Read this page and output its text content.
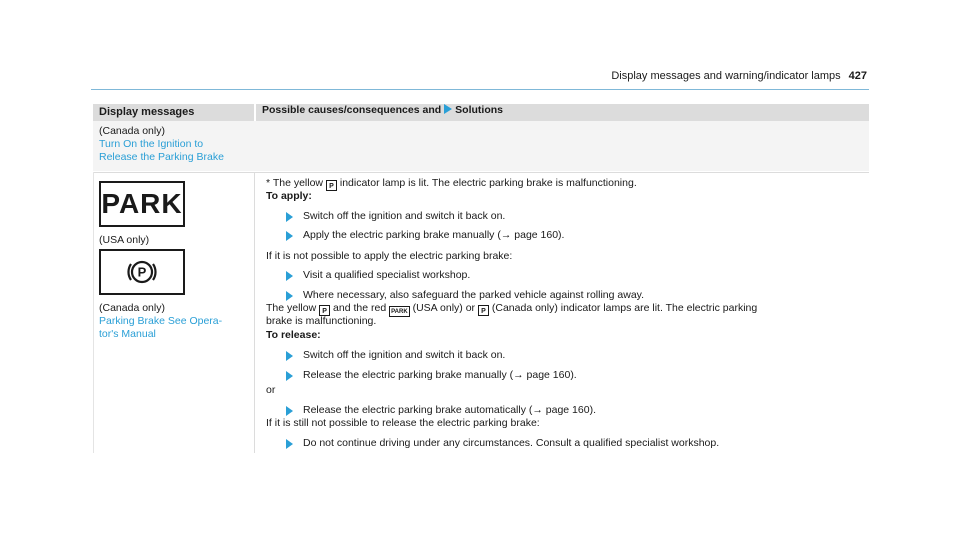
Display messages and warning/indicator lamps 427
Display messages	Possible causes/consequences and Solutions
(Canada only)
Turn On the Ignition to
Release the Parking Brake
PARK
(USA only)
P
(Canada only)
Parking Brake See Opera-
tor's Manual
* The yellow P indicator lamp is lit. The electric parking brake is malfunctioning.
To apply:
Switch off the ignition and switch it back on.
Apply the electric parking brake manually (→ page 160).
If it is not possible to apply the electric parking brake:
Visit a qualified specialist workshop.
Where necessary, also safeguard the parked vehicle against rolling away.
The yellow P and the red PARK (USA only) or P (Canada only) indicator lamps are lit. The electric parking
brake is malfunctioning.
To release:
Switch off the ignition and switch it back on.
Release the electric parking brake manually (→ page 160).
or
Release the electric parking brake automatically (→ page 160).
If it is still not possible to release the electric parking brake:
Do not continue driving under any circumstances. Consult a qualified specialist workshop.
